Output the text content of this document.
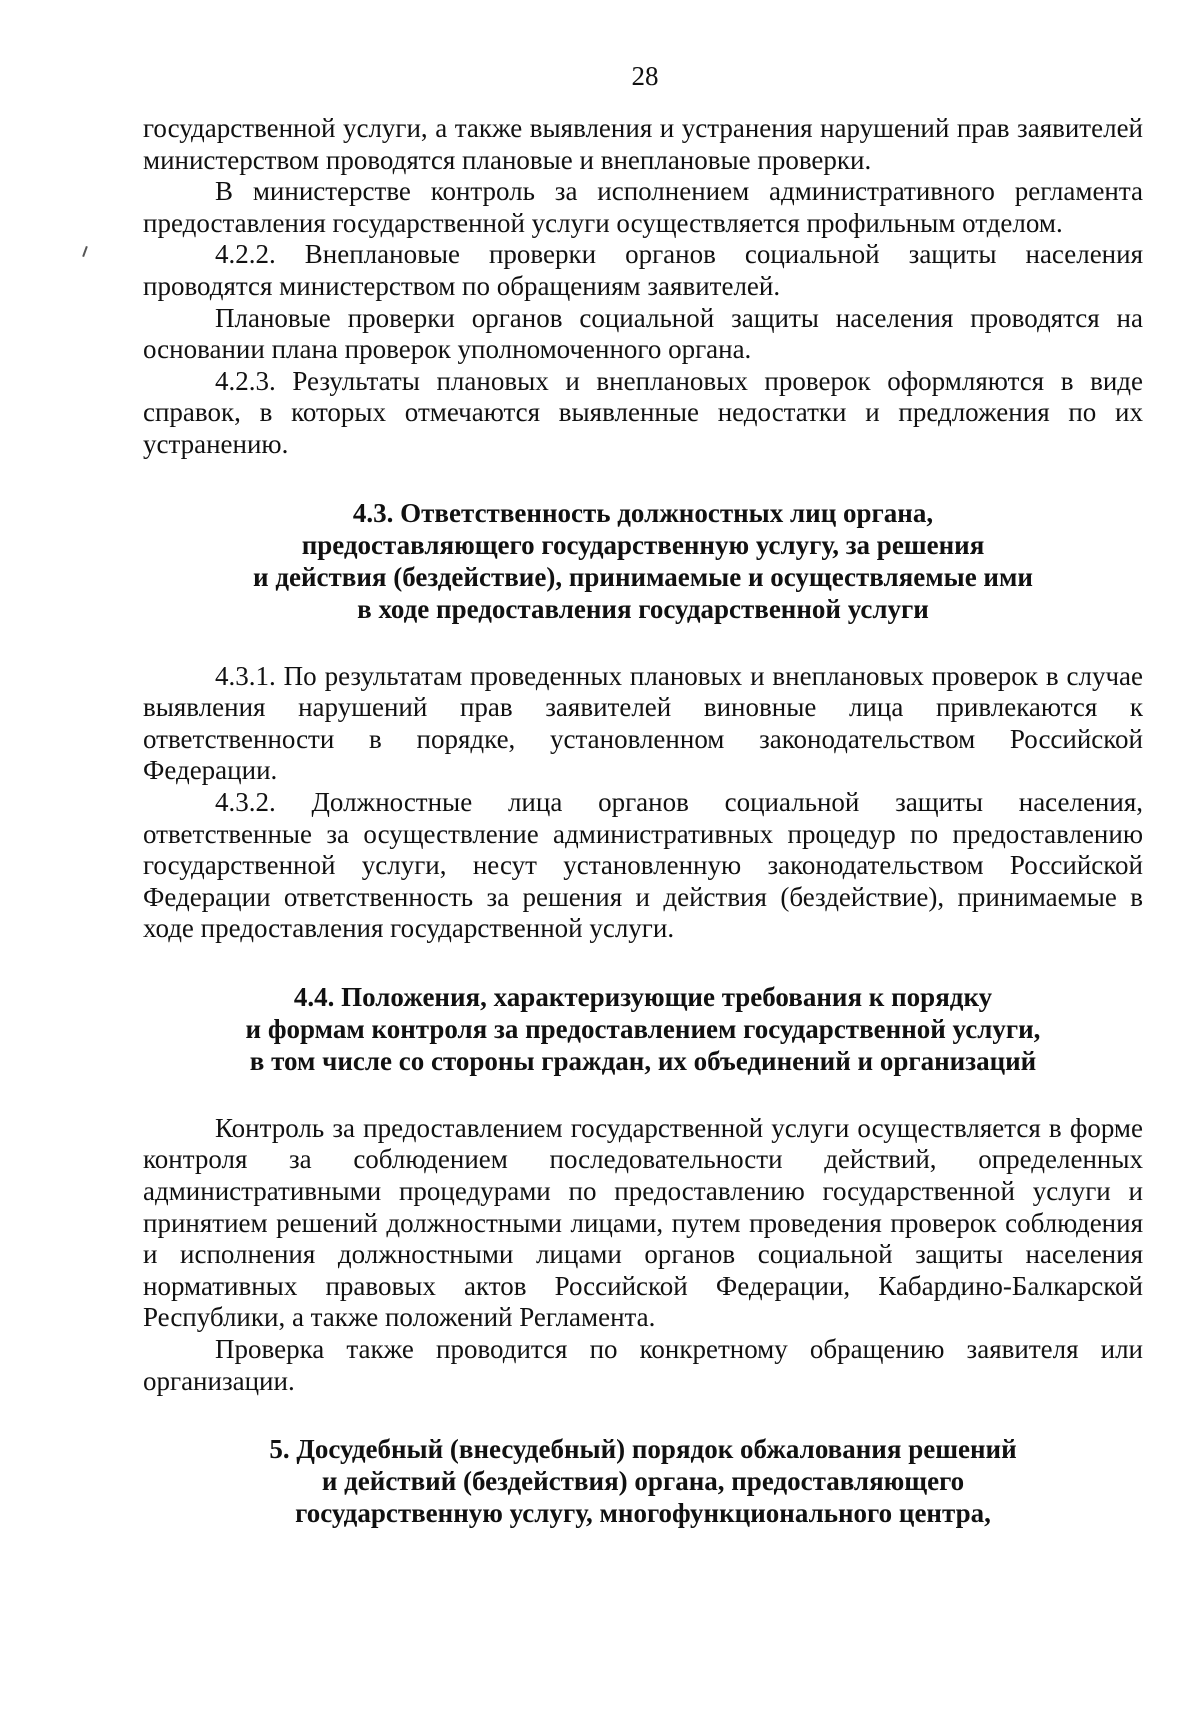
28

государственной услуги, а также выявления и устранения нарушений прав заявителей министерством проводятся плановые и внеплановые проверки.

В министерстве контроль за исполнением административного регламента предоставления государственной услуги осуществляется профильным отделом.

4.2.2. Внеплановые проверки органов социальной защиты населения проводятся министерством по обращениям заявителей.

Плановые проверки органов социальной защиты населения проводятся на основании плана проверок уполномоченного органа.

4.2.3. Результаты плановых и внеплановых проверок оформляются в виде справок, в которых отмечаются выявленные недостатки и предложения по их устранению.

4.3. Ответственность должностных лиц органа,
предоставляющего государственную услугу, за решения
и действия (бездействие), принимаемые и осуществляемые ими
в ходе предоставления государственной услуги

4.3.1. По результатам проведенных плановых и внеплановых проверок в случае выявления нарушений прав заявителей виновные лица привлекаются к ответственности в порядке, установленном законодательством Российской Федерации.

4.3.2. Должностные лица органов социальной защиты населения, ответственные за осуществление административных процедур по предоставлению государственной услуги, несут установленную законодательством Российской Федерации ответственность за решения и действия (бездействие), принимаемые в ходе предоставления государственной услуги.

4.4. Положения, характеризующие требования к порядку
и формам контроля за предоставлением государственной услуги,
в том числе со стороны граждан, их объединений и организаций

Контроль за предоставлением государственной услуги осуществляется в форме контроля за соблюдением последовательности действий, определенных административными процедурами по предоставлению государственной услуги и принятием решений должностными лицами, путем проведения проверок соблюдения и исполнения должностными лицами органов социальной защиты населения нормативных правовых актов Российской Федерации, Кабардино-Балкарской Республики, а также положений Регламента.

Проверка также проводится по конкретному обращению заявителя или организации.

5. Досудебный (внесудебный) порядок обжалования решений
и действий (бездействия) органа, предоставляющего
государственную услугу, многофункционального центра,
